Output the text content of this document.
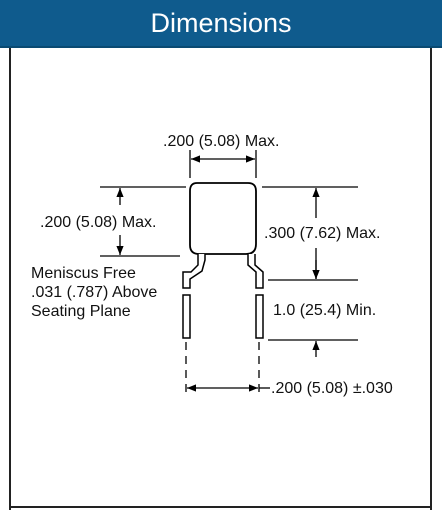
Dimensions
.200 (5.08) Max.
.200 (5.08) Max.
.300 (7.62) Max.
Meniscus Free
.031 (.787) Above
Seating Plane	1.0 (25.4) Min.
.200 (5.08) ±.030
